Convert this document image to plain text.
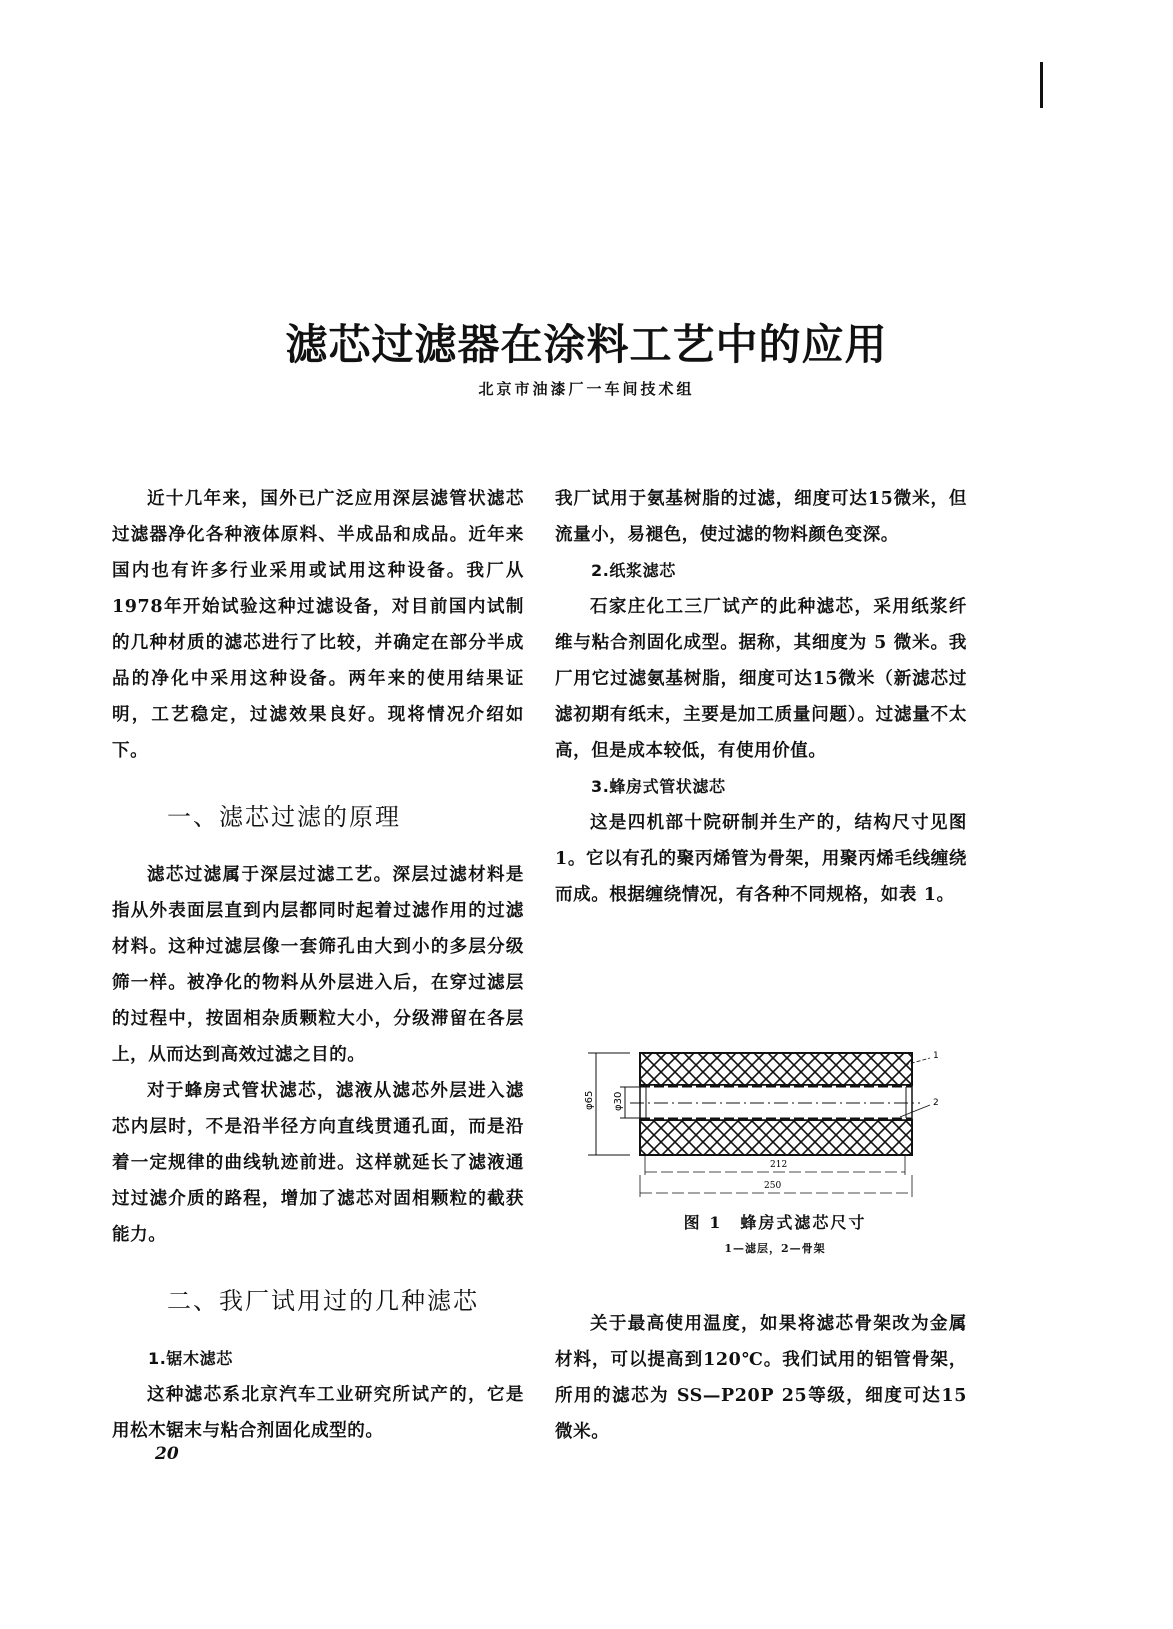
滤芯过滤器在涂料工艺中的应用
北京市油漆厂一车间技术组

近十几年来，国外已广泛应用深层滤管状滤芯过滤器净化各种液体原料、半成品和成品。近年来国内也有许多行业采用或试用这种设备。我厂从1978年开始试验这种过滤设备，对目前国内试制的几种材质的滤芯进行了比较，并确定在部分半成品的净化中采用这种设备。两年来的使用结果证明，工艺稳定，过滤效果良好。现将情况介绍如下。

一、滤芯过滤的原理

滤芯过滤属于深层过滤工艺。深层过滤材料是指从外表面层直到内层都同时起着过滤作用的过滤材料。这种过滤层像一套筛孔由大到小的多层分级筛一样。被净化的物料从外层进入后，在穿过滤层的过程中，按固相杂质颗粒大小，分级滞留在各层上，从而达到高效过滤之目的。

对于蜂房式管状滤芯，滤液从滤芯外层进入滤芯内层时，不是沿半径方向直线贯通孔面，而是沿着一定规律的曲线轨迹前进。这样就延长了滤液通过过滤介质的路程，增加了滤芯对固相颗粒的截获能力。

二、我厂试用过的几种滤芯
1.锯木滤芯

这种滤芯系北京汽车工业研究所试产的，它是用松木锯末与粘合剂固化成型的。

我厂试用于氨基树脂的过滤，细度可达15微米，但流量小，易褪色，使过滤的物料颜色变深。

2.纸浆滤芯

石家庄化工三厂试产的此种滤芯，采用纸浆纤维与粘合剂固化成型。据称，其细度为 5 微米。我厂用它过滤氨基树脂，细度可达15微米（新滤芯过滤初期有纸末，主要是加工质量问题）。过滤量不太高，但是成本较低，有使用价值。

3.蜂房式管状滤芯

这是四机部十院研制并生产的，结构尺寸见图 1。它以有孔的聚丙烯管为骨架，用聚丙烯毛线缠绕而成。根据缠绕情况，有各种不同规格，如表 1。

φ65 φ30
1
2
212
250
图 1　蜂房式滤芯尺寸
1—滤层，2—骨架

关于最高使用温度，如果将滤芯骨架改为金属材料，可以提高到120℃。我们试用的铝管骨架，所用的滤芯为 SS—P20P 25等级，细度可达15微米。

20
